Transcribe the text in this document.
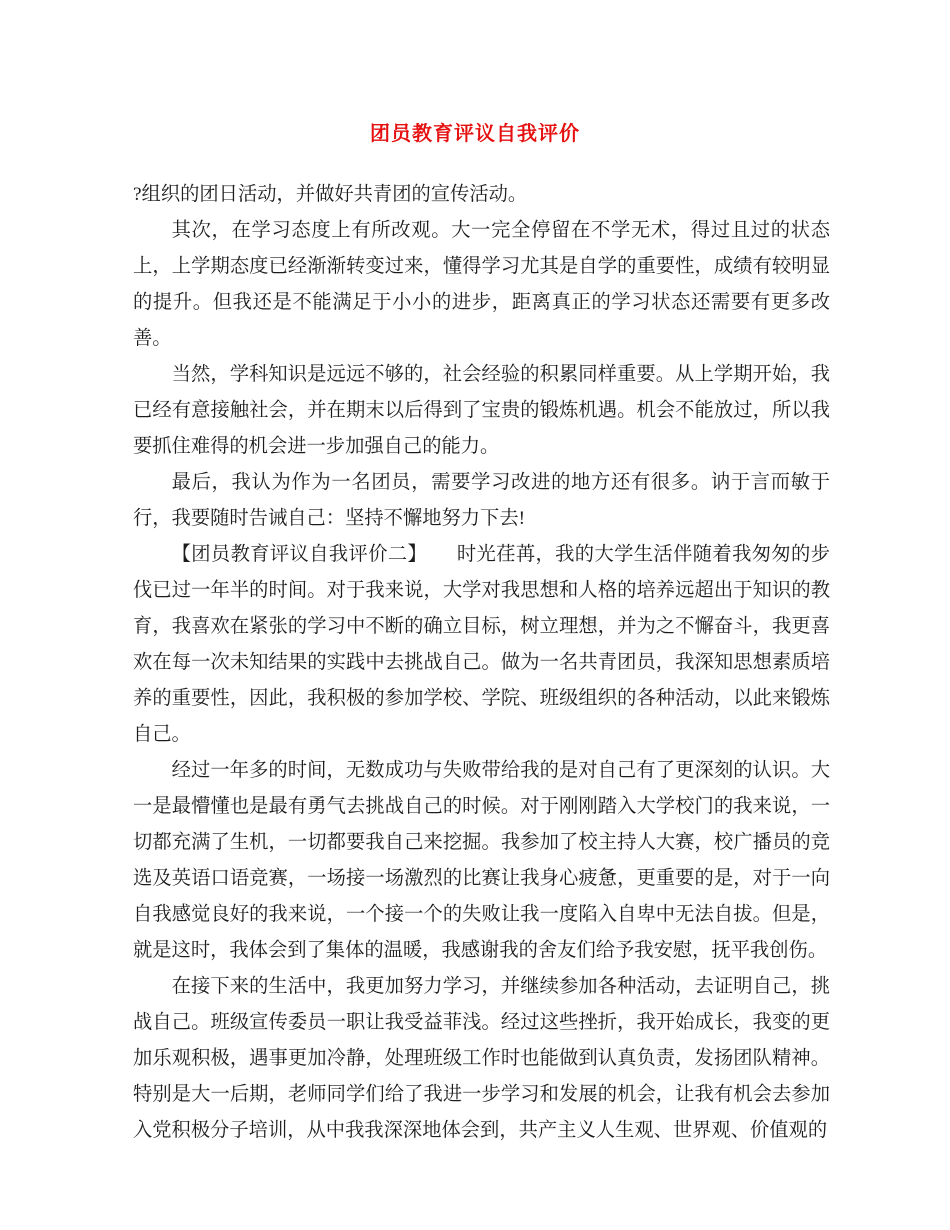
团员教育评议自我评价

?组织的团日活动，并做好共青团的宣传活动。

其次，在学习态度上有所改观。大一完全停留在不学无术，得过且过的状态上，上学期态度已经渐渐转变过来，懂得学习尤其是自学的重要性，成绩有较明显的提升。但我还是不能满足于小小的进步，距离真正的学习状态还需要有更多改善。

当然，学科知识是远远不够的，社会经验的积累同样重要。从上学期开始，我已经有意接触社会，并在期末以后得到了宝贵的锻炼机遇。机会不能放过，所以我要抓住难得的机会进一步加强自己的能力。

最后，我认为作为一名团员，需要学习改进的地方还有很多。讷于言而敏于行，我要随时告诫自己：坚持不懈地努力下去!

【团员教育评议自我评价二】　　时光荏苒，我的大学生活伴随着我匆匆的步伐已过一年半的时间。对于我来说，大学对我思想和人格的培养远超出于知识的教育，我喜欢在紧张的学习中不断的确立目标，树立理想，并为之不懈奋斗，我更喜欢在每一次未知结果的实践中去挑战自己。做为一名共青团员，我深知思想素质培养的重要性，因此，我积极的参加学校、学院、班级组织的各种活动，以此来锻炼自己。

经过一年多的时间，无数成功与失败带给我的是对自己有了更深刻的认识。大一是最懵懂也是最有勇气去挑战自己的时候。对于刚刚踏入大学校门的我来说，一切都充满了生机，一切都要我自己来挖掘。我参加了校主持人大赛，校广播员的竞选及英语口语竞赛，一场接一场激烈的比赛让我身心疲惫，更重要的是，对于一向自我感觉良好的我来说，一个接一个的失败让我一度陷入自卑中无法自拔。但是，就是这时，我体会到了集体的温暖，我感谢我的舍友们给予我安慰，抚平我创伤。

在接下来的生活中，我更加努力学习，并继续参加各种活动，去证明自己，挑战自己。班级宣传委员一职让我受益菲浅。经过这些挫折，我开始成长，我变的更加乐观积极，遇事更加冷静，处理班级工作时也能做到认真负责，发扬团队精神。特别是大一后期，老师同学们给了我进一步学习和发展的机会，让我有机会去参加入党积极分子培训，从中我我深深地体会到，共产主义人生观、世界观、价值观的
